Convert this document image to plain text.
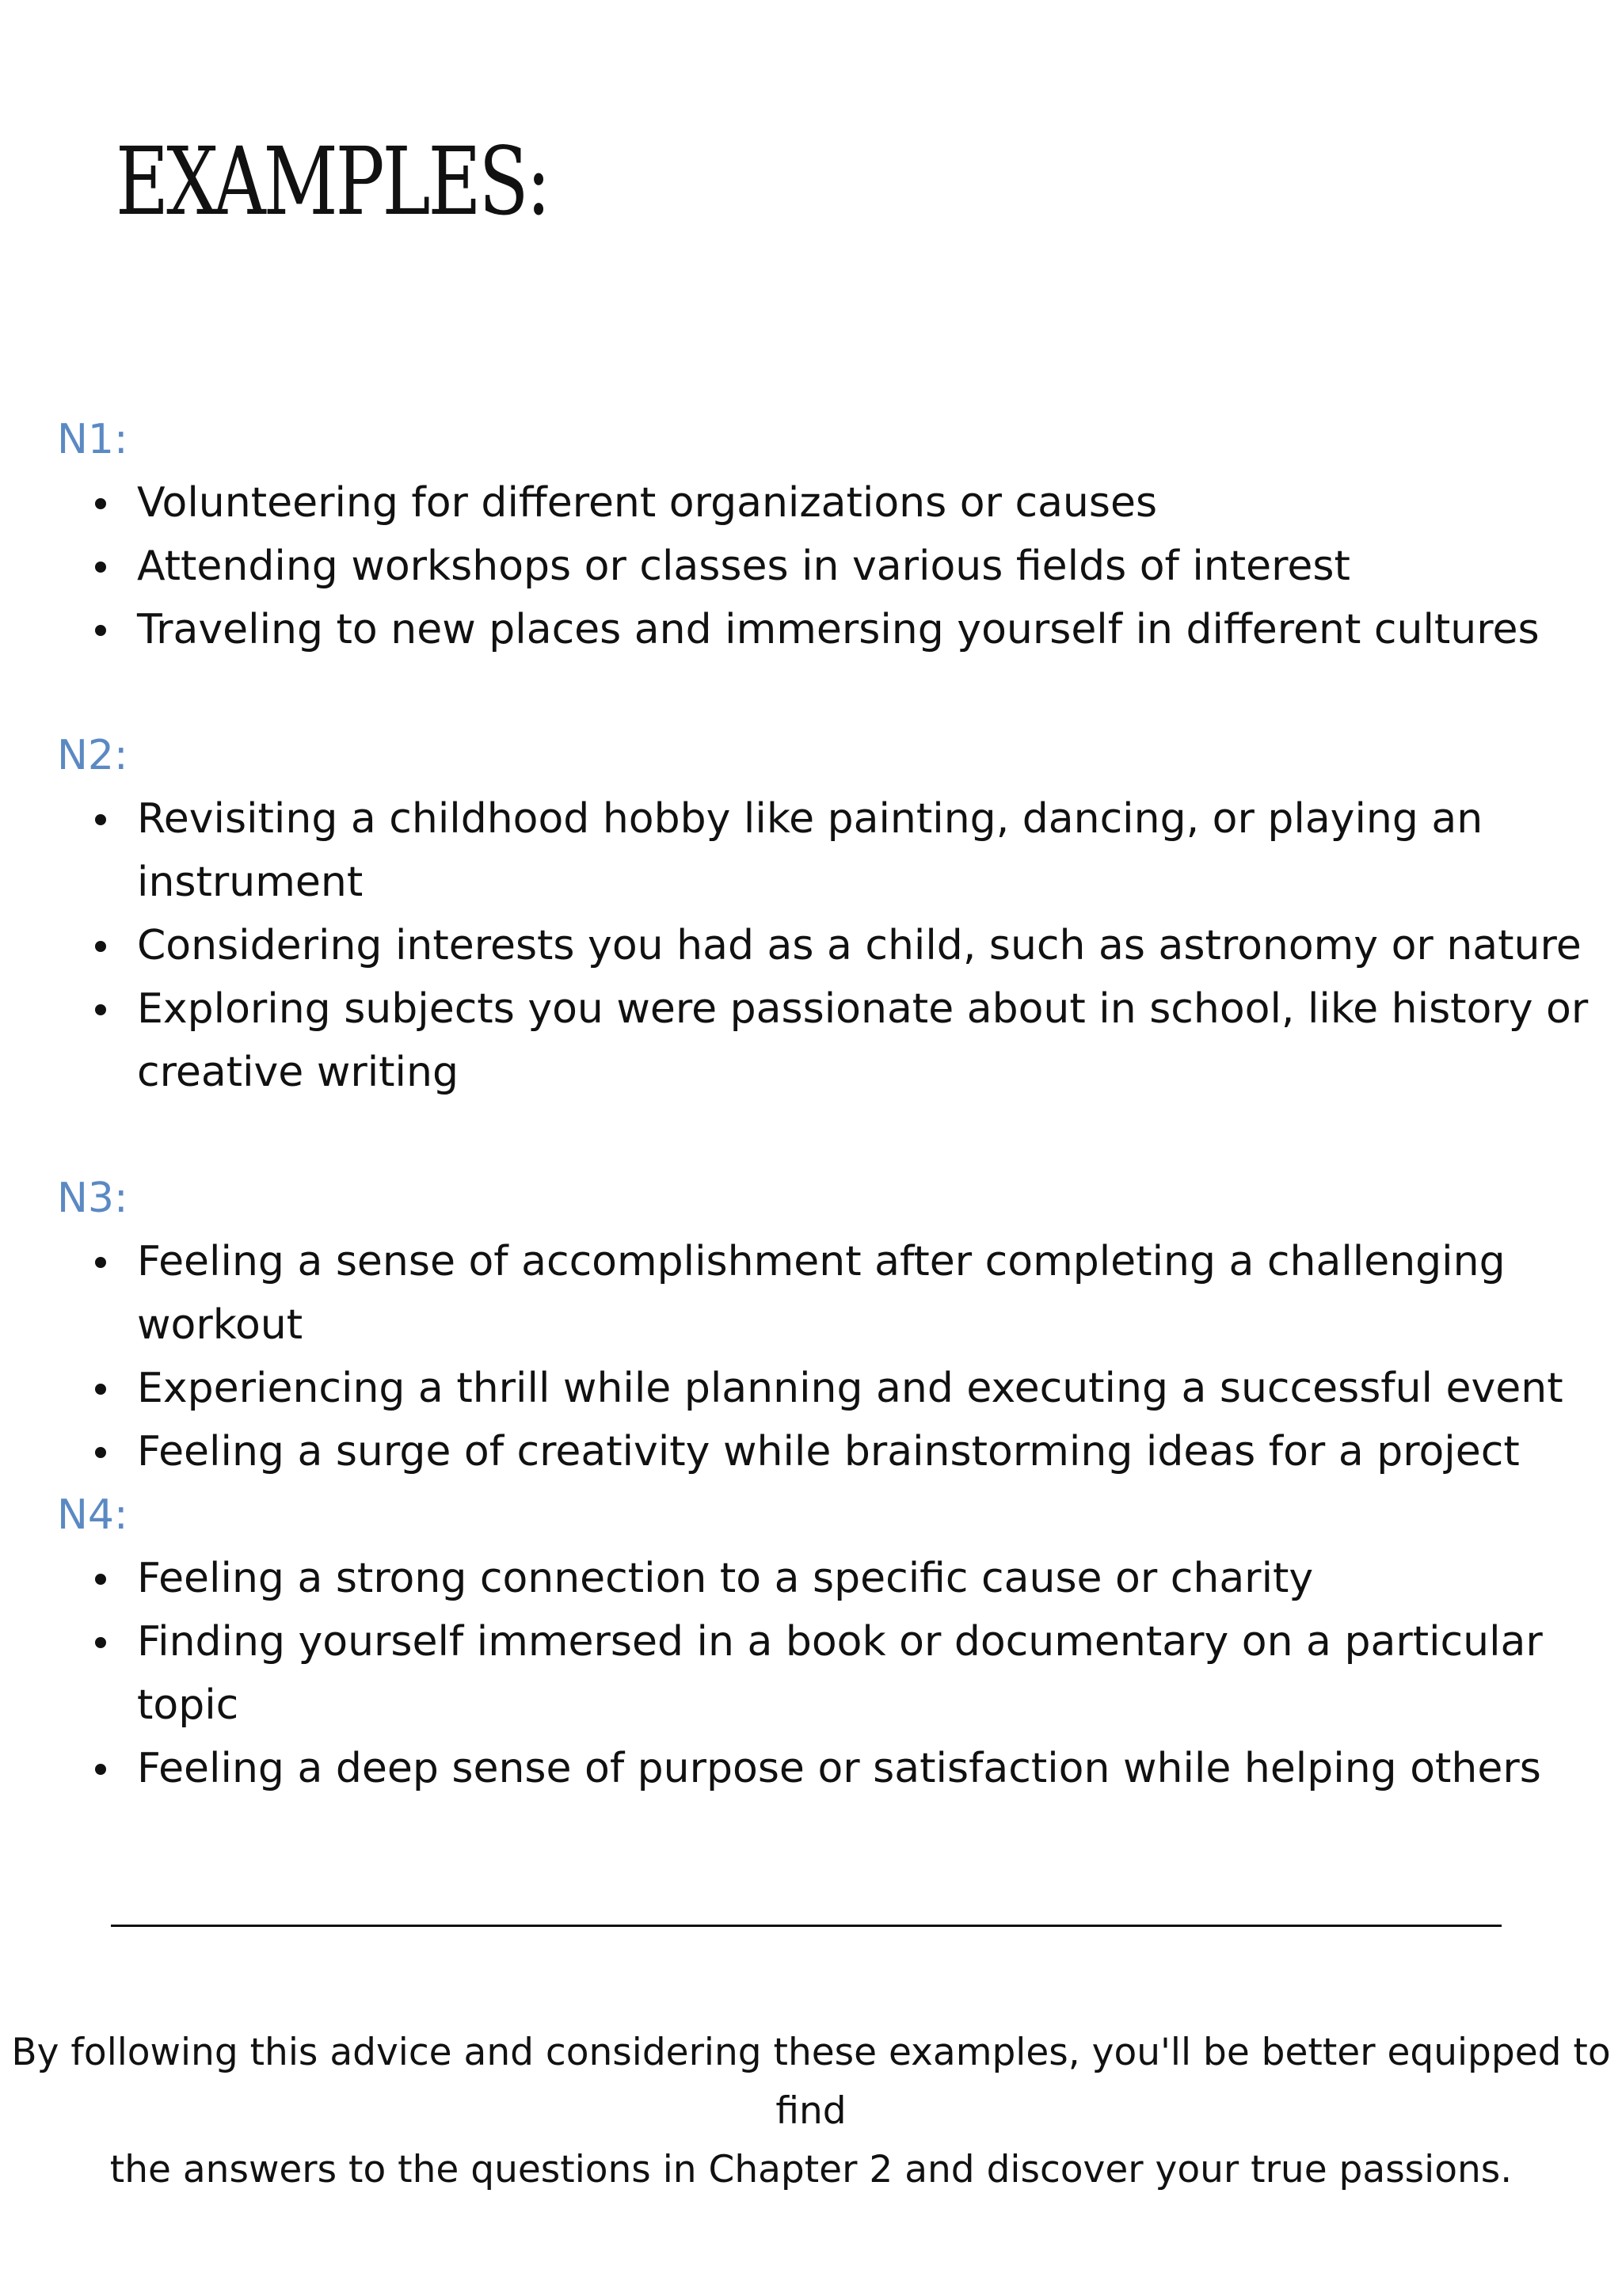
EXAMPLES:
N1:
Volunteering for different organizations or causes
Attending workshops or classes in various fields of interest
Traveling to new places and immersing yourself in different cultures
N2:
Revisiting a childhood hobby like painting, dancing, or playing an instrument
Considering interests you had as a child, such as astronomy or nature
Exploring subjects you were passionate about in school, like history or creative writing
N3:
Feeling a sense of accomplishment after completing a challenging workout
Experiencing a thrill while planning and executing a successful event
Feeling a surge of creativity while brainstorming ideas for a project
N4:
Feeling a strong connection to a specific cause or charity
Finding yourself immersed in a book or documentary on a particular topic
Feeling a deep sense of purpose or satisfaction while helping others

By following this advice and considering these examples, you'll be better equipped to find
the answers to the questions in Chapter 2 and discover your true passions.
